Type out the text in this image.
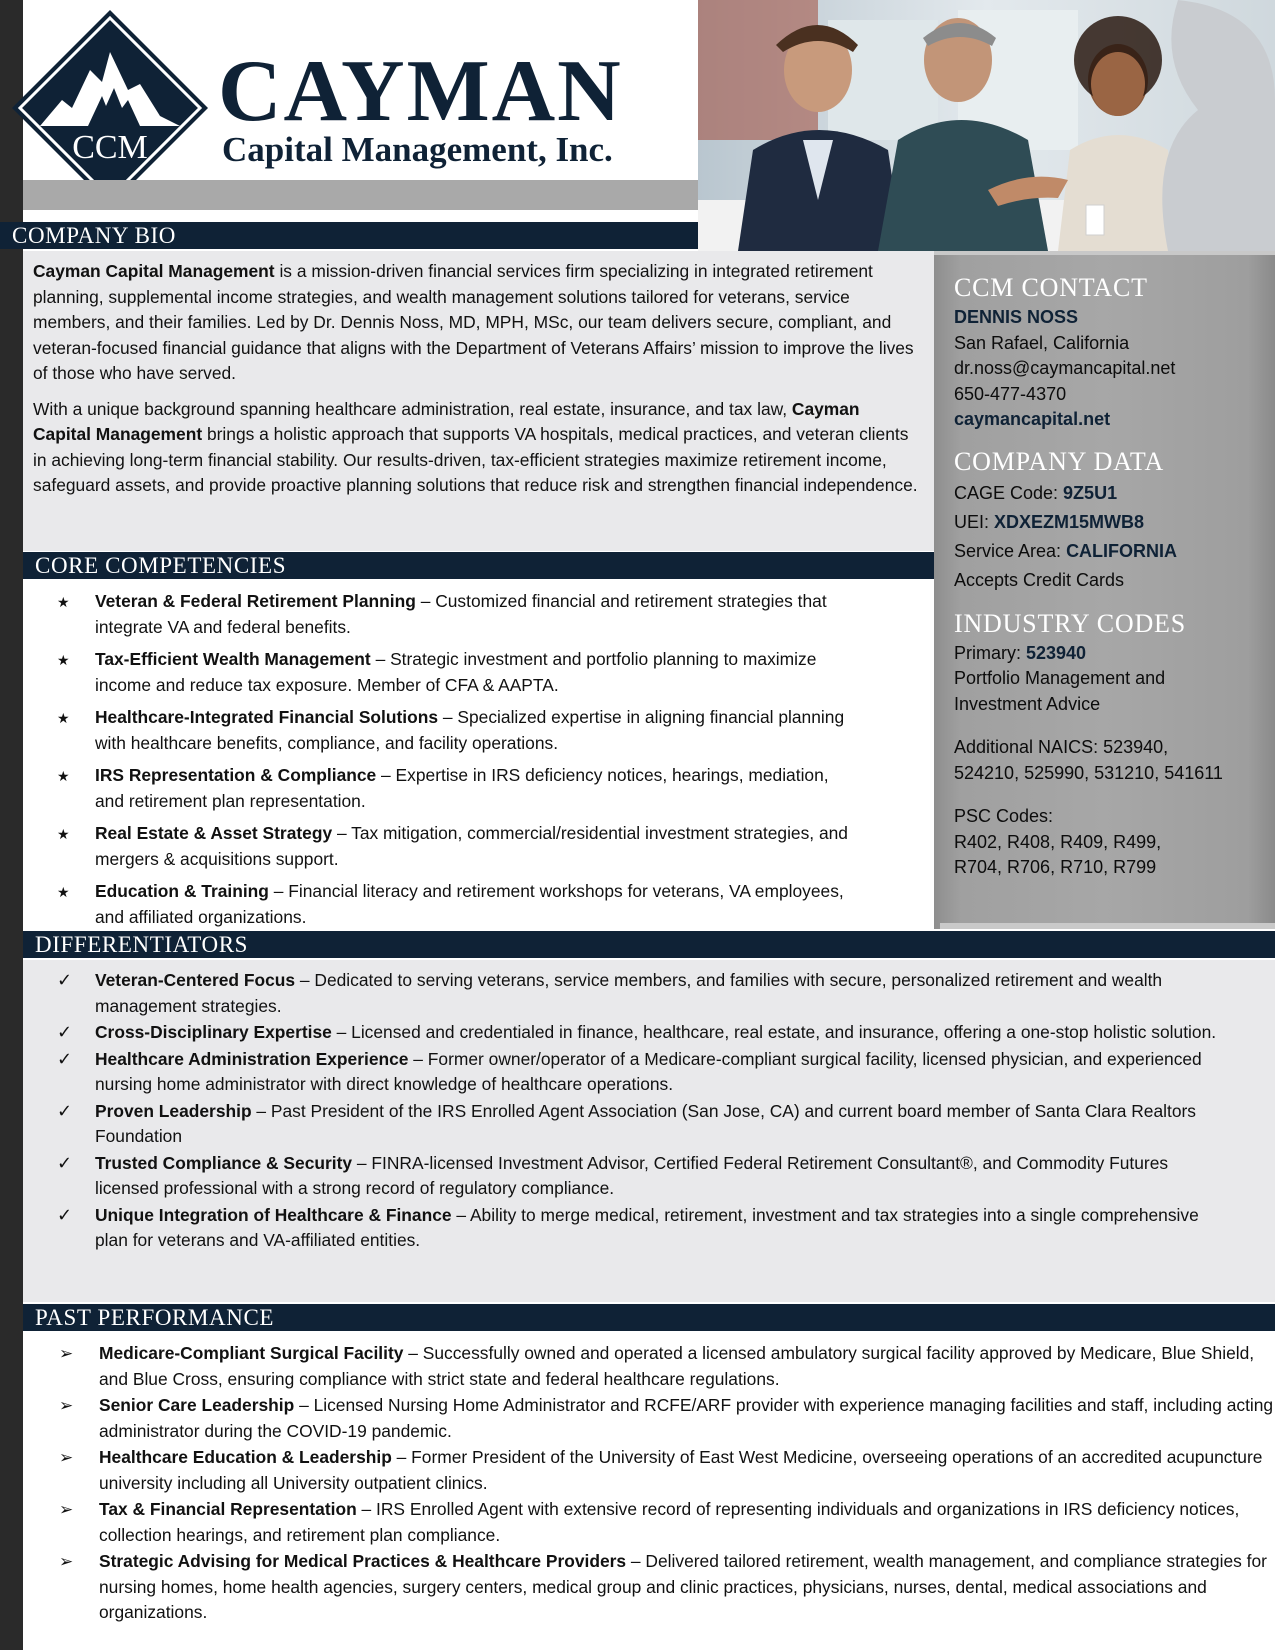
CCM
CAYMAN
Capital Management, Inc.
COMPANY BIO

Cayman Capital Management is a mission-driven financial services firm specializing in integrated retirement planning, supplemental income strategies, and wealth management solutions tailored for veterans, service members, and their families. Led by Dr. Dennis Noss, MD, MPH, MSc, our team delivers secure, compliant, and veteran-focused financial guidance that aligns with the Department of Veterans Affairs’ mission to improve the lives of those who have served.

With a unique background spanning healthcare administration, real estate, insurance, and tax law, Cayman Capital Management brings a holistic approach that supports VA hospitals, medical practices, and veteran clients in achieving long-term financial stability. Our results-driven, tax-efficient strategies maximize retirement income, safeguard assets, and provide proactive planning solutions that reduce risk and strengthen financial independence.

CORE COMPETENCIES
★	Veteran & Federal Retirement Planning – Customized financial and retirement strategies that integrate VA and federal benefits.
★	Tax-Efficient Wealth Management – Strategic investment and portfolio planning to maximize income and reduce tax exposure. Member of CFA & AAPTA.
★	Healthcare-Integrated Financial Solutions – Specialized expertise in aligning financial planning with healthcare benefits, compliance, and facility operations.
★	IRS Representation & Compliance – Expertise in IRS deficiency notices, hearings, mediation, and retirement plan representation.
★	Real Estate & Asset Strategy – Tax mitigation, commercial/residential investment strategies, and mergers & acquisitions support.
★	Education & Training – Financial literacy and retirement workshops for veterans, VA employees, and affiliated organizations.
CCM CONTACT
DENNIS NOSS
San Rafael, California
dr.noss@caymancapital.net
650-477-4370
caymancapital.net
COMPANY DATA
CAGE Code: 9Z5U1
UEI: XDXEZM15MWB8
Service Area: CALIFORNIA
Accepts Credit Cards
INDUSTRY CODES
Primary: 523940
Portfolio Management and
Investment Advice
Additional NAICS: 523940,
524210, 525990, 531210, 541611
PSC Codes:
R402, R408, R409, R499,
R704, R706, R710, R799
DIFFERENTIATORS
✓	Veteran-Centered Focus – Dedicated to serving veterans, service members, and families with secure, personalized retirement and wealth management strategies.
✓	Cross-Disciplinary Expertise – Licensed and credentialed in finance, healthcare, real estate, and insurance, offering a one-stop holistic solution.
✓	Healthcare Administration Experience – Former owner/operator of a Medicare-compliant surgical facility, licensed physician, and experienced nursing home administrator with direct knowledge of healthcare operations.
✓	Proven Leadership – Past President of the IRS Enrolled Agent Association (San Jose, CA) and current board member of Santa Clara Realtors Foundation
✓	Trusted Compliance & Security – FINRA-licensed Investment Advisor, Certified Federal Retirement Consultant®, and Commodity Futures licensed professional with a strong record of regulatory compliance.
✓	Unique Integration of Healthcare & Finance – Ability to merge medical, retirement, investment and tax strategies into a single comprehensive plan for veterans and VA-affiliated entities.
PAST PERFORMANCE
➢	Medicare-Compliant Surgical Facility – Successfully owned and operated a licensed ambulatory surgical facility approved by Medicare, Blue Shield, and Blue Cross, ensuring compliance with strict state and federal healthcare regulations.
➢	Senior Care Leadership – Licensed Nursing Home Administrator and RCFE/ARF provider with experience managing facilities and staff, including acting administrator during the COVID-19 pandemic.
➢	Healthcare Education & Leadership – Former President of the University of East West Medicine, overseeing operations of an accredited acupuncture university including all University outpatient clinics.
➢	Tax & Financial Representation – IRS Enrolled Agent with extensive record of representing individuals and organizations in IRS deficiency notices, collection hearings, and retirement plan compliance.
➢	Strategic Advising for Medical Practices & Healthcare Providers – Delivered tailored retirement, wealth management, and compliance strategies for nursing homes, home health agencies, surgery centers, medical group and clinic practices, physicians, nurses, dental, medical associations and organizations.
